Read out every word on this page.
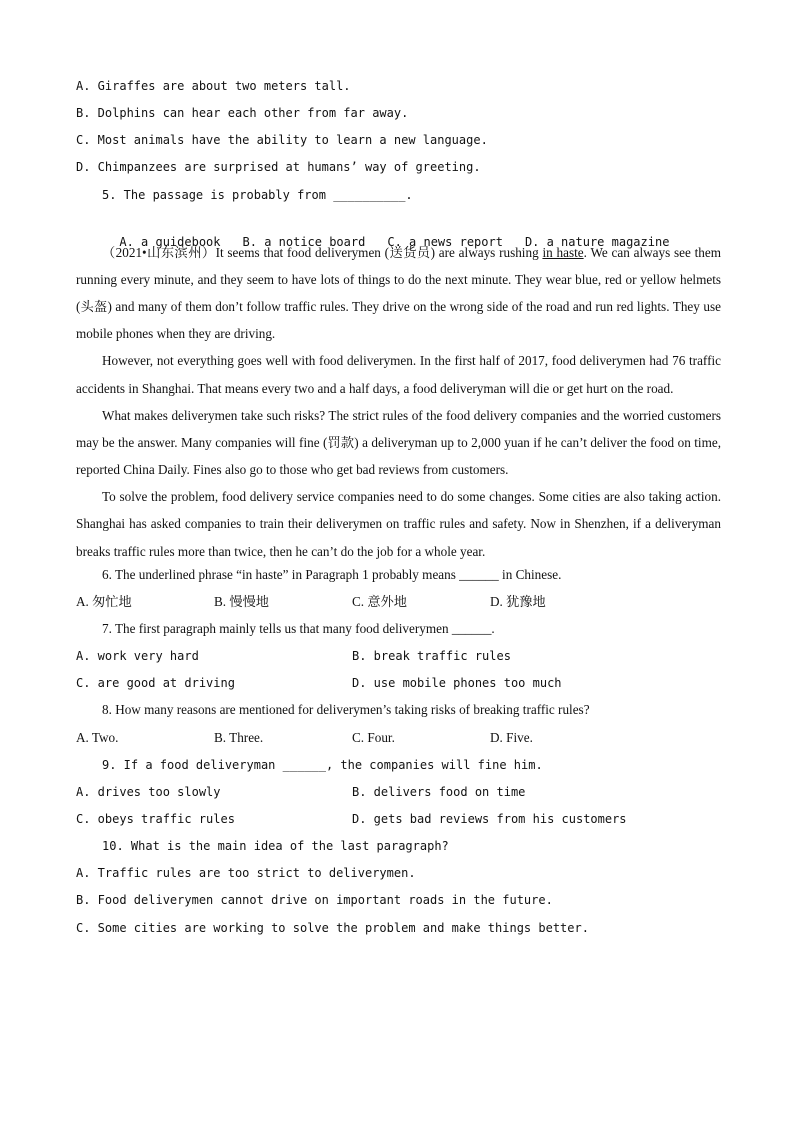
A. Giraffes are about two meters tall.
B. Dolphins can hear each other from far away.
C. Most animals have the ability to learn a new language.
D. Chimpanzees are surprised at humans’ way of greeting.
5. The passage is probably from __________.

A. a guidebook B. a notice board C. a news report D. a nature magazine

（2021•山东滨州）It seems that food deliverymen (送货员) are always rushing in haste. We can always see them running every minute, and they seem to have lots of things to do the next minute. They wear blue, red or yellow helmets (头盔) and many of them don’t follow traffic rules. They drive on the wrong side of the road and run red lights. They use mobile phones when they are driving.
However, not everything goes well with food deliverymen. In the first half of 2017, food deliverymen had 76 traffic accidents in Shanghai. That means every two and a half days, a food deliveryman will die or get hurt on the road.
What makes deliverymen take such risks? The strict rules of the food delivery companies and the worried customers may be the answer. Many companies will fine (罚款) a deliveryman up to 2,000 yuan if he can’t deliver the food on time, reported China Daily. Fines also go to those who get bad reviews from customers.
To solve the problem, food delivery service companies need to do some changes. Some cities are also taking action. Shanghai has asked companies to train their deliverymen on traffic rules and safety. Now in Shenzhen, if a deliveryman breaks traffic rules more than twice, then he can’t do the job for a whole year.
6. The underlined phrase “in haste” in Paragraph 1 probably means ______ in Chinese.
A. 匆忙地	B. 慢慢地	C. 意外地	D. 犹豫地
7. The first paragraph mainly tells us that many food deliverymen ______.
A. work very hard	B. break traffic rules
C. are good at driving	D. use mobile phones too much
8. How many reasons are mentioned for deliverymen’s taking risks of breaking traffic rules?
A. Two.	B. Three.	C. Four.	D. Five.
9. If a food deliveryman ______, the companies will fine him.
A. drives too slowly	B. delivers food on time
C. obeys traffic rules	D. gets bad reviews from his customers
10. What is the main idea of the last paragraph?
A. Traffic rules are too strict to deliverymen.
B. Food deliverymen cannot drive on important roads in the future.
C. Some cities are working to solve the problem and make things better.
